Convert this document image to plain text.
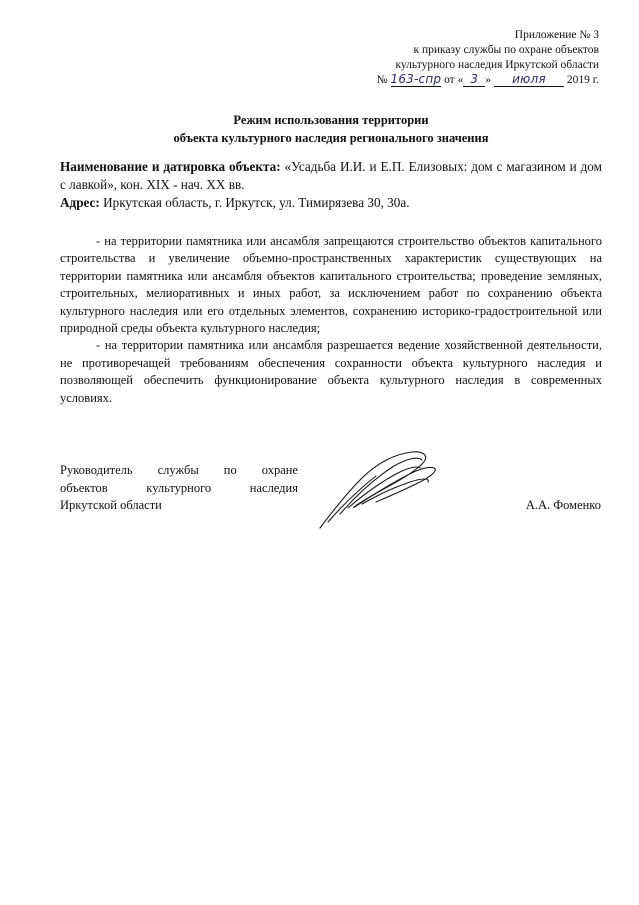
Приложение № 3
к приказу службы по охране объектов
культурного наследия Иркутской области
№ 163-спр от « 3 » июля 2019 г.
Режим использования территории
объекта культурного наследия регионального значения

Наименование и датировка объекта: «Усадьба И.И. и Е.П. Елизовых: дом с магазином и дом с лавкой», кон. XIX - нач. XX вв.

Адрес: Иркутская область, г. Иркутск, ул. Тимирязева 30, 30а.

- на территории памятника или ансамбля запрещаются строительство объектов капитального строительства и увеличение объемно-пространственных характеристик существующих на территории памятника или ансамбля объектов капитального строительства; проведение земляных, строительных, мелиоративных и иных работ, за исключением работ по сохранению объекта культурного наследия или его отдельных элементов, сохранению историко-градостроительной или природной среды объекта культурного наследия;

- на территории памятника или ансамбля разрешается ведение хозяйственной деятельности, не противоречащей требованиям обеспечения сохранности объекта культурного наследия и позволяющей обеспечить функционирование объекта культурного наследия в современных условиях.

Руководитель службы по охране
объектов культурного наследия
Иркутской области	А.А. Фоменко
